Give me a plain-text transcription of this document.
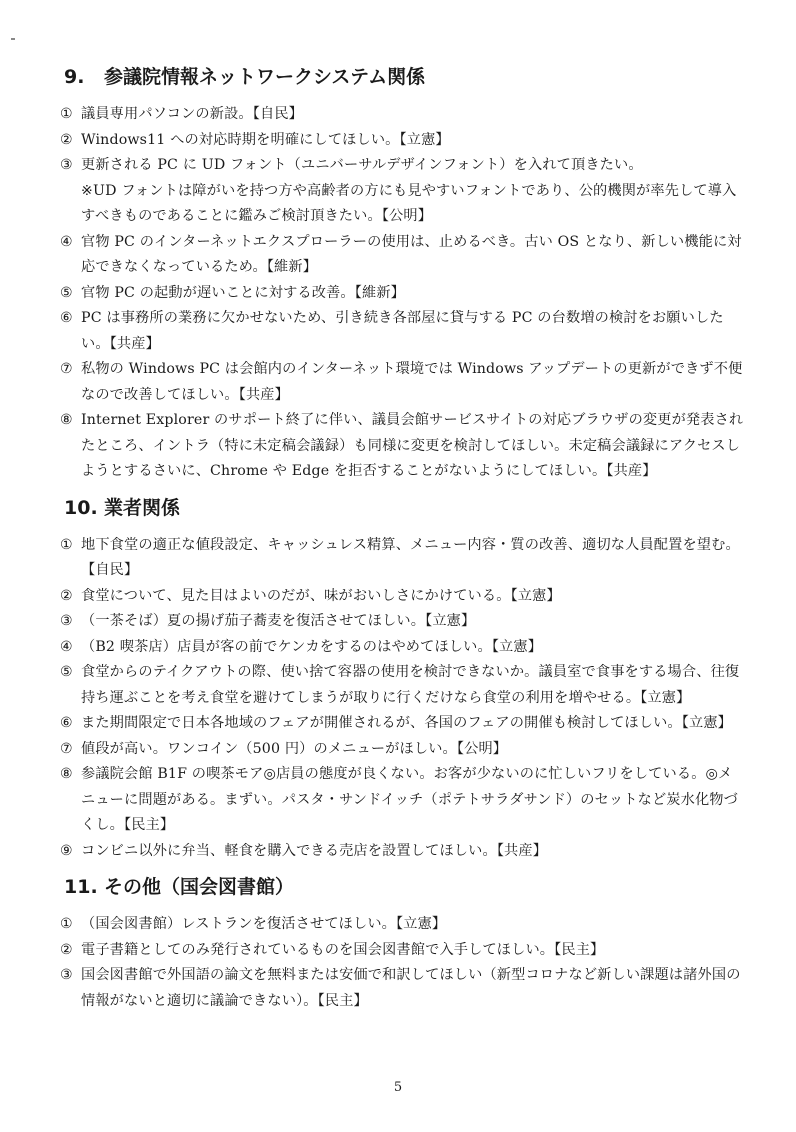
9. 参議院情報ネットワークシステム関係
① 議員専用パソコンの新設。【自民】
② Windows11 への対応時期を明確にしてほしい。【立憲】
③ 更新される PC に UD フォント（ユニバーサルデザインフォント）を入れて頂きたい。
※UD フォントは障がいを持つ方や高齢者の方にも見やすいフォントであり、公的機関が率先して導入すべきものであることに鑑みご検討頂きたい。【公明】
④ 官物 PC のインターネットエクスプローラーの使用は、止めるべき。古い OS となり、新しい機能に対応できなくなっているため。【維新】
⑤ 官物 PC の起動が遅いことに対する改善。【維新】
⑥ PC は事務所の業務に欠かせないため、引き続き各部屋に貸与する PC の台数増の検討をお願いしたい。【共産】
⑦ 私物の Windows PC は会館内のインターネット環境では Windows アップデートの更新ができず不便なので改善してほしい。【共産】
⑧ Internet Explorer のサポート終了に伴い、議員会館サービスサイトの対応ブラウザの変更が発表されたところ、イントラ（特に未定稿会議録）も同様に変更を検討してほしい。未定稿会議録にアクセスしようとするさいに、Chrome や Edge を拒否することがないようにしてほしい。【共産】
10. 業者関係
① 地下食堂の適正な値段設定、キャッシュレス精算、メニュー内容・質の改善、適切な人員配置を望む。【自民】
② 食堂について、見た目はよいのだが、味がおいしさにかけている。【立憲】
③ （一茶そば）夏の揚げ茄子蕎麦を復活させてほしい。【立憲】
④ （B2 喫茶店）店員が客の前でケンカをするのはやめてほしい。【立憲】
⑤ 食堂からのテイクアウトの際、使い捨て容器の使用を検討できないか。議員室で食事をする場合、往復持ち運ぶことを考え食堂を避けてしまうが取りに行くだけなら食堂の利用を増やせる。【立憲】
⑥ また期間限定で日本各地域のフェアが開催されるが、各国のフェアの開催も検討してほしい。【立憲】
⑦ 値段が高い。ワンコイン（500 円）のメニューがほしい。【公明】
⑧ 参議院会館 B1F の喫茶モア◎店員の態度が良くない。お客が少ないのに忙しいフリをしている。◎メニューに問題がある。まずい。パスタ・サンドイッチ（ポテトサラダサンド）のセットなど炭水化物づくし。【民主】
⑨ コンビニ以外に弁当、軽食を購入できる売店を設置してほしい。【共産】
11. その他（国会図書館）
① （国会図書館）レストランを復活させてほしい。【立憲】
② 電子書籍としてのみ発行されているものを国会図書館で入手してほしい。【民主】
③ 国会図書館で外国語の論文を無料または安価で和訳してほしい（新型コロナなど新しい課題は諸外国の情報がないと適切に議論できない）。【民主】
5
